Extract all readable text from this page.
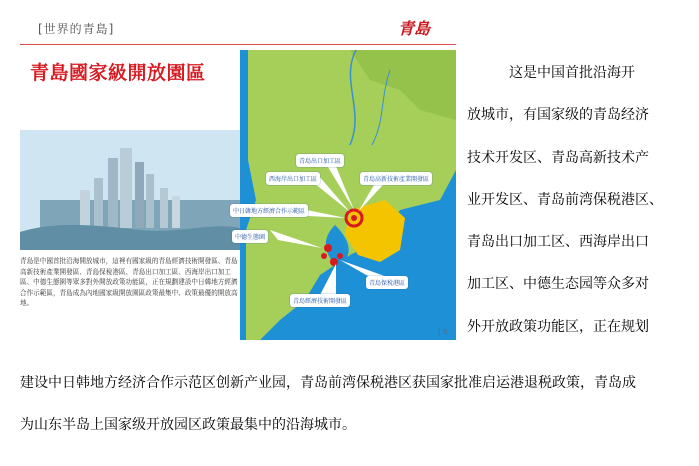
[世界的青島]	青島
青島國家級開放園區
青島出口加工區
西海岸出口加工區	青島高新技術產業開發區
中日韓地方經濟合作示範區
中德生態園
青島保稅港區
青島經濟技術開發區
青島是中國首批沿海開放城市，這裡有國家級的青島經濟技術開發區、青島高新技術產業開發區、青島保稅港區、青島出口加工區、西海岸出口加工區、中德生態園等眾多對外開放政策功能區，正在規劃建設中日韓地方經濟合作示範區，青島成為內地國家級開放園區政策最集中、政策最優的開放高地。
| 9

　　　这是中国首批沿海开

放城市，有国家级的青岛经济

技术开发区、青岛高新技术产

业开发区、青岛前湾保税港区、

青岛出口加工区、西海岸出口

加工区、中德生态园等众多对

外开放政策功能区，正在规划

建设中日韩地方经济合作示范区创新产业园，青岛前湾保税港区获国家批准启运港退税政策，青岛成

为山东半岛上国家级开放园区政策最集中的沿海城市。
